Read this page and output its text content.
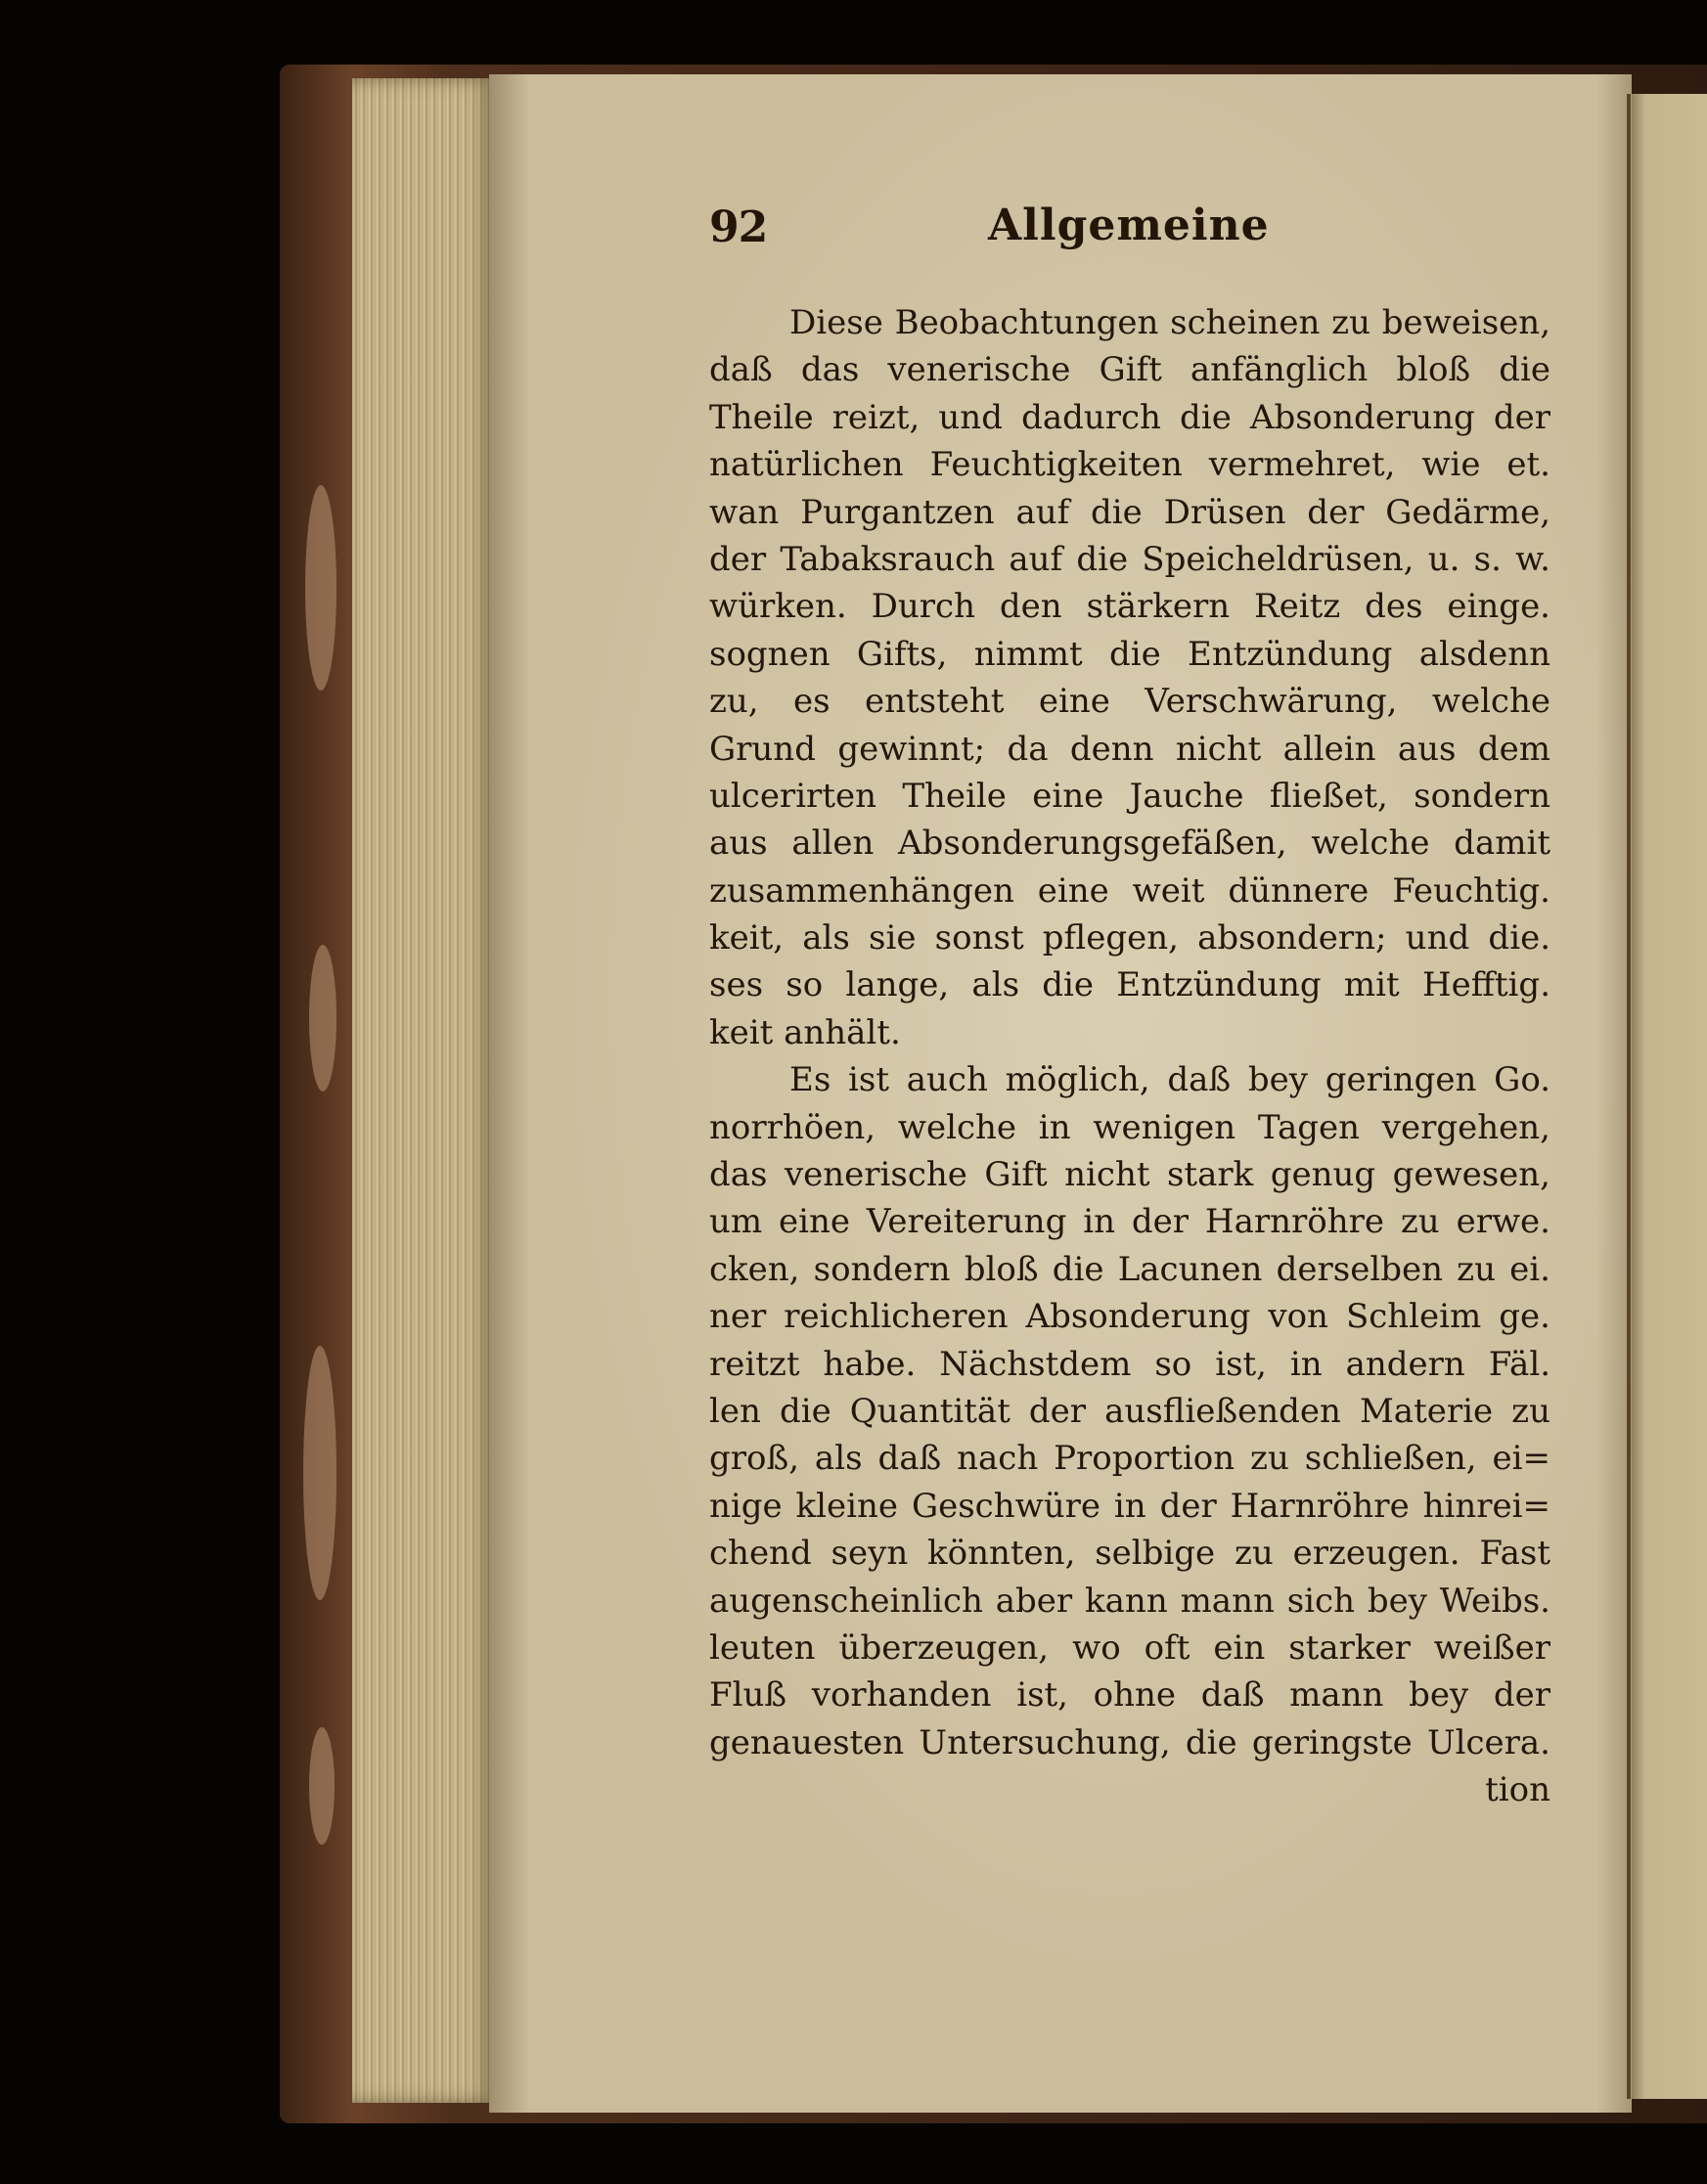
92	Allgemeine
Diese Beobachtungen scheinen zu beweisen,
daß das venerische Gift anfänglich bloß die
Theile reizt, und dadurch die Absonderung der
natürlichen Feuchtigkeiten vermehret, wie et.
wan Purgantzen auf die Drüsen der Gedärme,
der Tabaksrauch auf die Speicheldrüsen, u. s. w.
würken. Durch den stärkern Reitz des einge.
sognen Gifts, nimmt die Entzündung alsdenn
zu, es entsteht eine Verschwärung, welche
Grund gewinnt; da denn nicht allein aus dem
ulcerirten Theile eine Jauche fließet, sondern
aus allen Absonderungsgefäßen, welche damit
zusammenhängen eine weit dünnere Feuchtig.
keit, als sie sonst pflegen, absondern; und die.
ses so lange, als die Entzündung mit Hefftig.
keit anhält.
Es ist auch möglich, daß bey geringen Go.
norrhöen, welche in wenigen Tagen vergehen,
das venerische Gift nicht stark genug gewesen,
um eine Vereiterung in der Harnröhre zu erwe.
cken, sondern bloß die Lacunen derselben zu ei.
ner reichlicheren Absonderung von Schleim ge.
reitzt habe. Nächstdem so ist, in andern Fäl.
len die Quantität der ausfließenden Materie zu
groß, als daß nach Proportion zu schließen, ei=
nige kleine Geschwüre in der Harnröhre hinrei=
chend seyn könnten, selbige zu erzeugen. Fast
augenscheinlich aber kann mann sich bey Weibs.
leuten überzeugen, wo oft ein starker weißer
Fluß vorhanden ist, ohne daß mann bey der
genauesten Untersuchung, die geringste Ulcera.
tion
